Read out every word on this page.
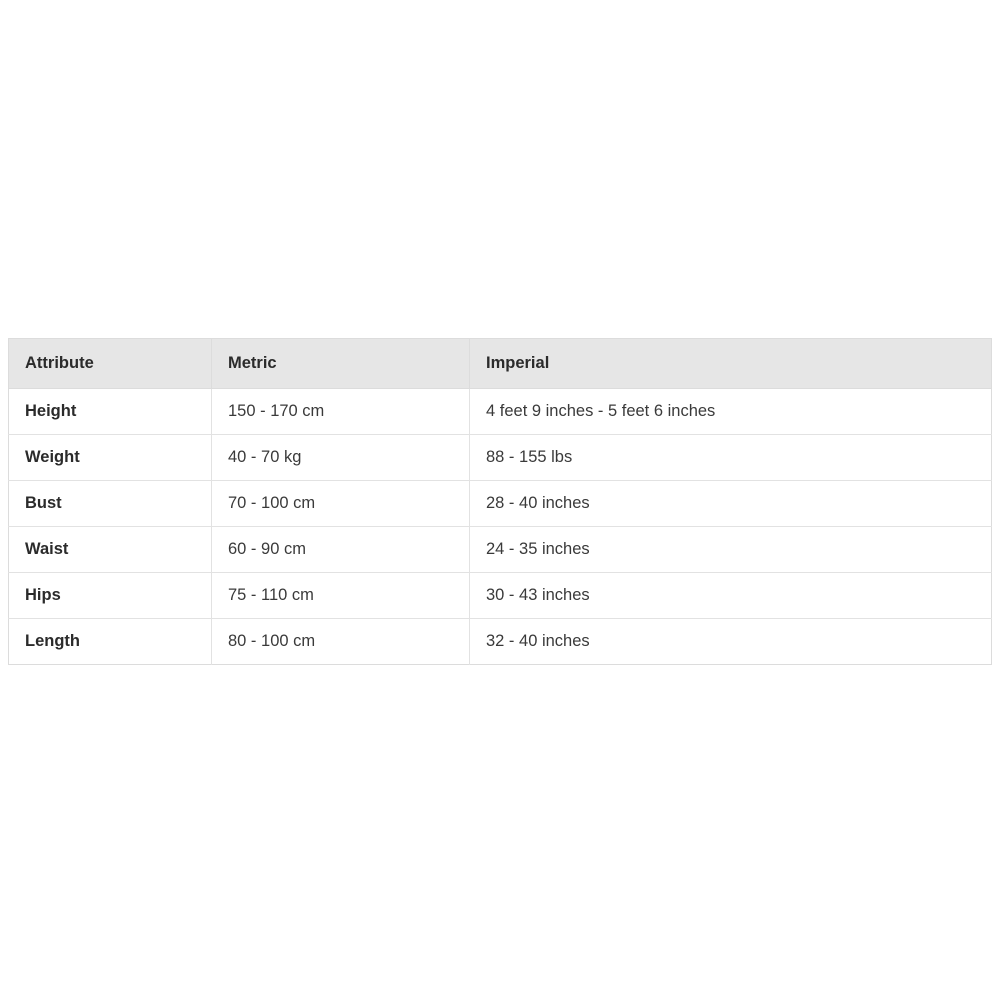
Attribute	Metric	Imperial
Height	150 - 170 cm	4 feet 9 inches - 5 feet 6 inches
Weight	40 - 70 kg	88 - 155 lbs
Bust	70 - 100 cm	28 - 40 inches
Waist	60 - 90 cm	24 - 35 inches
Hips	75 - 110 cm	30 - 43 inches
Length	80 - 100 cm	32 - 40 inches
